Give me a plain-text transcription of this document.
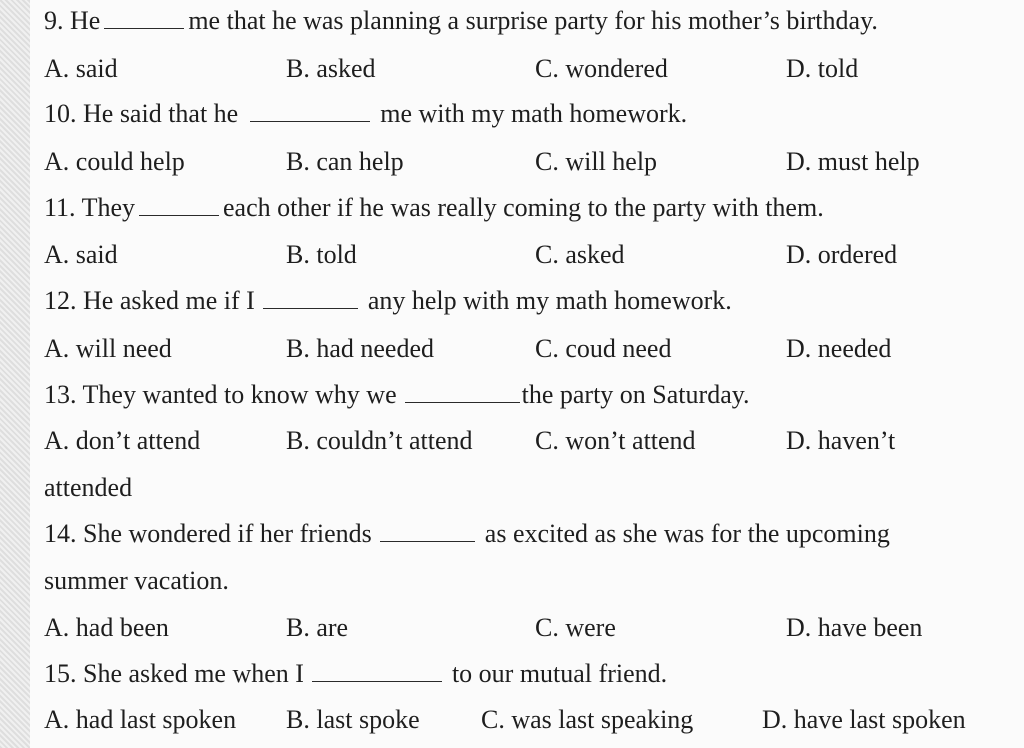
9. He	me that he was planning a surprise party for his mother’s birthday.
A. said	B. asked	C. wondered	D. told
10. He said that he	me with my math homework.
A. could help	B. can help	C. will help	D. must help
11. They	each other if he was really coming to the party with them.
A. said	B. told	C. asked	D. ordered
12. He asked me if I	any help with my math homework.
A. will need	B. had needed	C. coud need	D. needed
13. They wanted to know why we	the party on Saturday.
A. don’t attend	B. couldn’t attend C. won’t attend	D. haven’t
attended
14. She wondered if her friends	as excited as she was for the upcoming
summer vacation.
A. had been	B. are	C. were	D. have been
15. She asked me when I	to our mutual friend.
A. had last spoken B. last spoke C. was last speaking	D. have last spoken
